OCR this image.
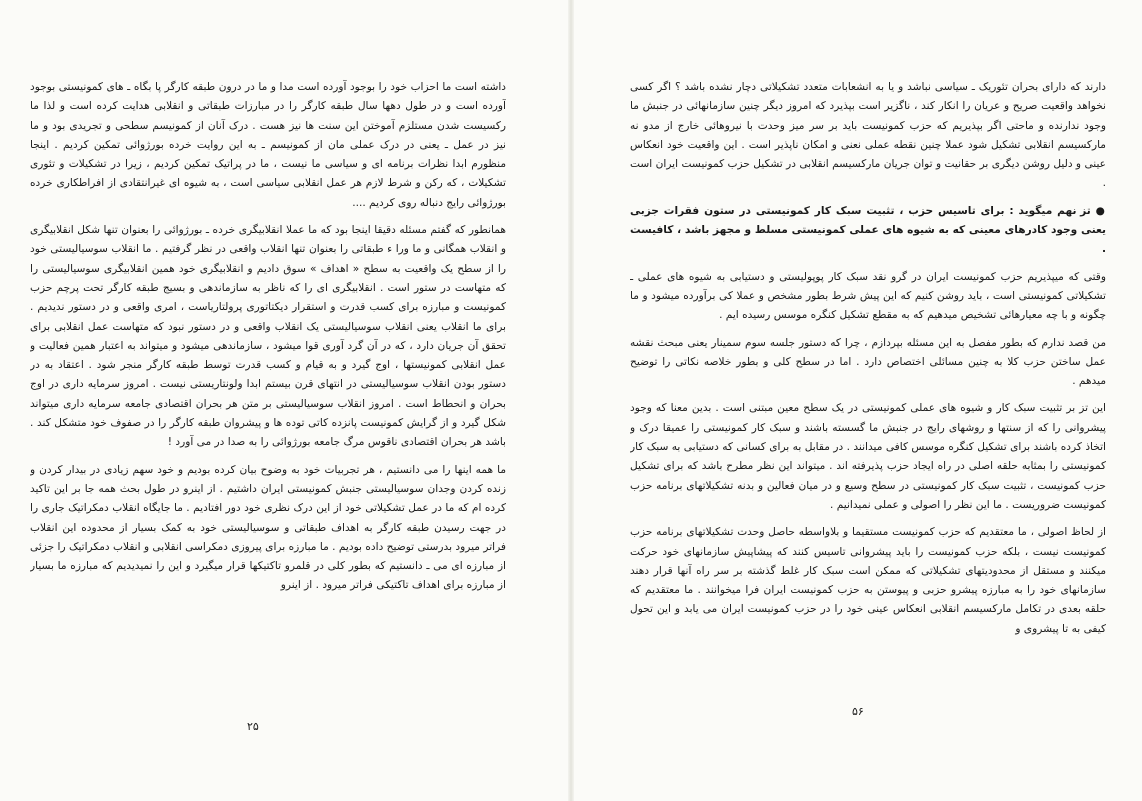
داشته است ما احزاب خود را بوجود آورده است مدا و ما در درون طبقه کارگر پا بگاه ـ های کمونیستی بوجود آورده است و در طول دهها سال طبقه کارگر را در مبارزات طبقاتی و انقلابی هدایت کرده است و لذا ما رکسیست شدن مستلزم آموختن این سنت ها نیز هست . درک آنان از کمونیسم سطحی و تجریدی بود و ما نیز در عمل ـ یعنی در درک عملی مان از کمونیسم ـ به این روایت خرده بورژوائی تمکین کردیم . اینجا منظورم ابدا نظرات برنامه ای و سیاسی ما نیست ، ما در پراتیک تمکین کردیم ، زیرا در تشکیلات و تئوری تشکیلات ، که رکن و شرط لازم هر عمل انقلابی سیاسی است ، به شیوه ای غیرانتقادی از افراطکاری خرده بورژوائی رایج دنباله روی کردیم ....

همانطور که گفتم مسئله دقیقا اینجا بود که ما عملا انقلابیگری خرده ـ بورژوائی را بعنوان تنها شکل انقلابیگری و انقلاب همگانی و ما ورا ء طبقاتی را بعنوان تنها انقلاب واقعی در نظر گرفتیم . ما انقلاب سوسیالیستی خود را از سطح یک واقعیت به سطح « اهداف » سوق دادیم و انقلابیگری خود همین انقلابیگری سوسیالیستی را که متهاست در ستور است . انقلابیگری ای را که ناظر به سازماندهی و بسیج طبقه کارگر تحت پرچم حزب کمونیست و مبارزه برای کسب قدرت و استقرار دیکتاتوری پرولتاریاست ، امری واقعی و در دستور ندیدیم . برای ما انقلاب یعنی انقلاب سوسیالیستی یک انقلاب واقعی و در دستور نبود که متهاست عمل انقلابی برای تحقق آن جریان دارد ، که در آن گرد آوری قوا میشود ، سازماندهی میشود و میتواند به اعتبار همین فعالیت و عمل انقلابی کمونیستها ، اوج گیرد و به قیام و کسب قدرت توسط طبقه کارگر منجر شود . اعتقاد به در دستور بودن انقلاب سوسیالیستی در انتهای قرن بیستم ابدا ولونتاریستی نیست . امروز سرمایه داری در اوج بحران و انحطاط است . امروز انقلاب سوسیالیستی بر متن هر بحران اقتصادی جامعه سرمایه داری میتواند شکل گیرد و از گرایش کمونیست پانزده کاتی توده ها و پیشروان طبقه کارگر را در صفوف خود متشکل کند . باشد هر بحران اقتصادی ناقوس مرگ جامعه بورژوائی را به صدا در می آورد !

ما همه اینها را می دانستیم ، هر تجربیات خود به وضوح بیان کرده بودیم و خود سهم زیادی در بیدار کردن و زنده کردن وجدان سوسیالیستی جنبش کمونیستی ایران داشتیم . از اینرو در طول بحث همه جا بر این تاکید کرده ام که ما در عمل تشکیلاتی خود از این درک نظری خود دور افتادیم . ما جایگاه انقلاب دمکراتیک جاری را در جهت رسیدن طبقه کارگر به اهداف طبقاتی و سوسیالیستی خود به کمک بسیار از محدوده این انقلاب فراتر میرود بدرستی توضیح داده بودیم . ما مبارزه برای پیروزی دمکراسی انقلابی و انقلاب دمکراتیک را جزئی از مبارزه ای می ـ دانستیم که بطور کلی در قلمرو تاکتیکها قرار میگیرد و این را نمیدیدیم که مبارزه ما بسیار از مبارزه برای اهداف تاکتیکی فراتر میرود . از اینرو

۲۵

دارند که دارای بحران تئوریک ـ سیاسی نباشد و یا به انشعابات متعدد تشکیلاتی دچار نشده باشد ؟ اگر کسی نخواهد واقعیت صریح و عریان را انکار کند ، ناگزیر است بپذیرد که امروز دیگر چنین سازمانهائی در جنبش ما وجود ندارنده و ماحتی اگر بپذیریم که حزب کمونیست باید بر سر میز وحدت با نیروهائی خارج از مدو نه مارکسیسم انقلابی تشکیل شود عملا چنین نقطه عملی نعنی و امکان ناپذیر است . این واقعیت خود انعکاس عینی و دلیل روشن دیگری بر حقانیت و توان جریان مارکسیسم انقلابی در تشکیل حزب کمونیست ایران است .

● تز نهم میگوید : برای تاسیس حزب ، تثبیت سبک کار کمونیستی در ستون فقرات جزبی یعنی وجود کادرهای معینی که به شیوه های عملی کمونیستی مسلط و مجهز باشد ، کافیست .

وقتی که میپذیریم حزب کمونیست ایران در گرو نقد سبک کار پوپولیستی و دستیابی به شیوه های عملی ـ تشکیلاتی کمونیستی است ، باید روشن کنیم که این پیش شرط بطور مشخص و عملا کی برآورده میشود و ما چگونه و با چه معیارهائی تشخیص میدهیم که به مقطع تشکیل کنگره موسس رسیده ایم .

من قصد ندارم که بطور مفصل به این مسئله بپردازم ، چرا که دستور جلسه سوم سمینار یعنی مبحث نقشه عمل ساختن حزب کلا به چنین مسائلی اختصاص دارد . اما در سطح کلی و بطور خلاصه نکاتی را توضیح میدهم .

این تز بر تثبیت سبک کار و شیوه های عملی کمونیستی در یک سطح معین مبتنی است . بدین معنا که وجود پیشروانی را که از سنتها و روشهای رایج در جنبش ما گسسته باشند و سبک کار کمونیستی را عمیقا درک و اتخاذ کرده باشند برای تشکیل کنگره موسس کافی میدانند . در مقابل به برای کسانی که دستیابی به سبک کار کمونیستی را بمثابه حلقه اصلی در راه ایجاد حزب پذیرفته اند . میتواند این نظر مطرح باشد که برای تشکیل حزب کمونیست ، تثبیت سبک کار کمونیستی در سطح وسیع و در میان فعالین و بدنه تشکیلاتهای برنامه حزب کمونیست ضروریست . ما این نظر را اصولی و عملی نمیدانیم .

از لحاظ اصولی ، ما معتقدیم که حزب کمونیست مستقیما و بلاواسطه حاصل وحدت تشکیلاتهای برنامه حزب کمونیست نیست ، بلکه حزب کمونیست را باید پیشروانی تاسیس کنند که پیشاپیش سازمانهای خود حرکت میکنند و مستقل از محدودیتهای تشکیلاتی که ممکن است سبک کار غلط گذشته بر سر راه آنها قرار دهند سازمانهای خود را به مبارزه پیشرو حزبی و پیوستن به حزب کمونیست ایران فرا میخوانند . ما معتقدیم که حلقه بعدی در تکامل مارکسیسم انقلابی انعکاس عینی خود را در حزب کمونیست ایران می یابد و این تحول کیفی به تا پیشروی و

۵۶
